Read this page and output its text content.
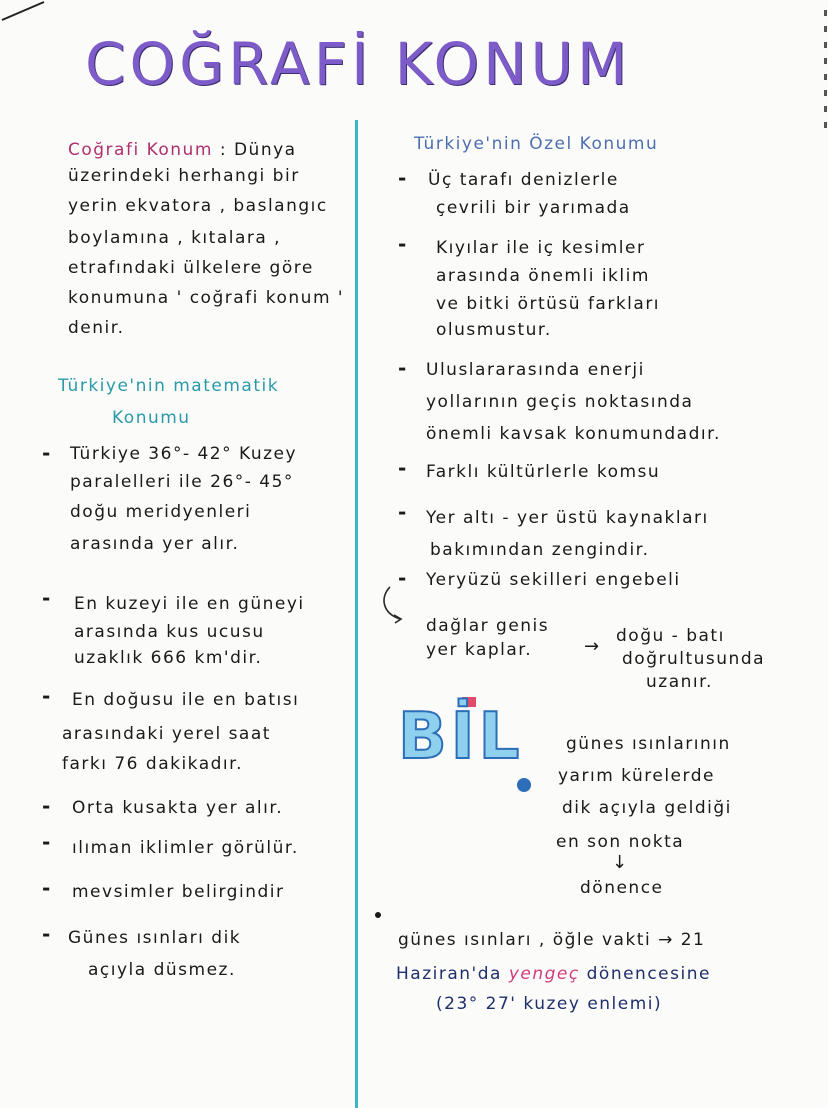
COĞRAFİ KONUM
Coğrafi Konum : Dünya
üzerindeki herhangi bir
yerin ekvatora , baslangıc
boylamına , kıtalara ,
etrafındaki ülkelere göre
konumuna ' coğrafi konum '
denir.
Türkiye'nin matematik
Konumu
- Türkiye 36°- 42° Kuzey
paralelleri ile 26°- 45°
doğu meridyenleri
arasında yer alır.
- En kuzeyi ile en güneyi
arasında kus ucusu
uzaklık 666 km'dir.
- En doğusu ile en batısı
arasındaki yerel saat
farkı 76 dakikadır.
- Orta kusakta yer alır.
- ılıman iklimler görülür.
- mevsimler belirgindir
- Günes ısınları dik
açıyla düsmez.
Türkiye'nin Özel Konumu
- Üç tarafı denizlerle
çevrili bir yarımada
- Kıyılar ile iç kesimler
arasında önemli iklim
ve bitki örtüsü farkları
olusmustur.
- Uluslararasında enerji
yollarının geçis noktasında
önemli kavsak konumundadır.
- Farklı kültürlerle komsu
- Yer altı - yer üstü kaynakları
bakımından zengindir.
- Yeryüzü sekilleri engebeli
dağlar genis
yer kaplar.	→ doğu - batı
doğrultusunda
uzanır.
BİL	günes ısınlarının
yarım kürelerde
dik açıyla geldiği
en son nokta
↓
dönence
günes ısınları , öğle vakti → 21
Haziran'da yengeç dönencesine
(23° 27' kuzey enlemi)
